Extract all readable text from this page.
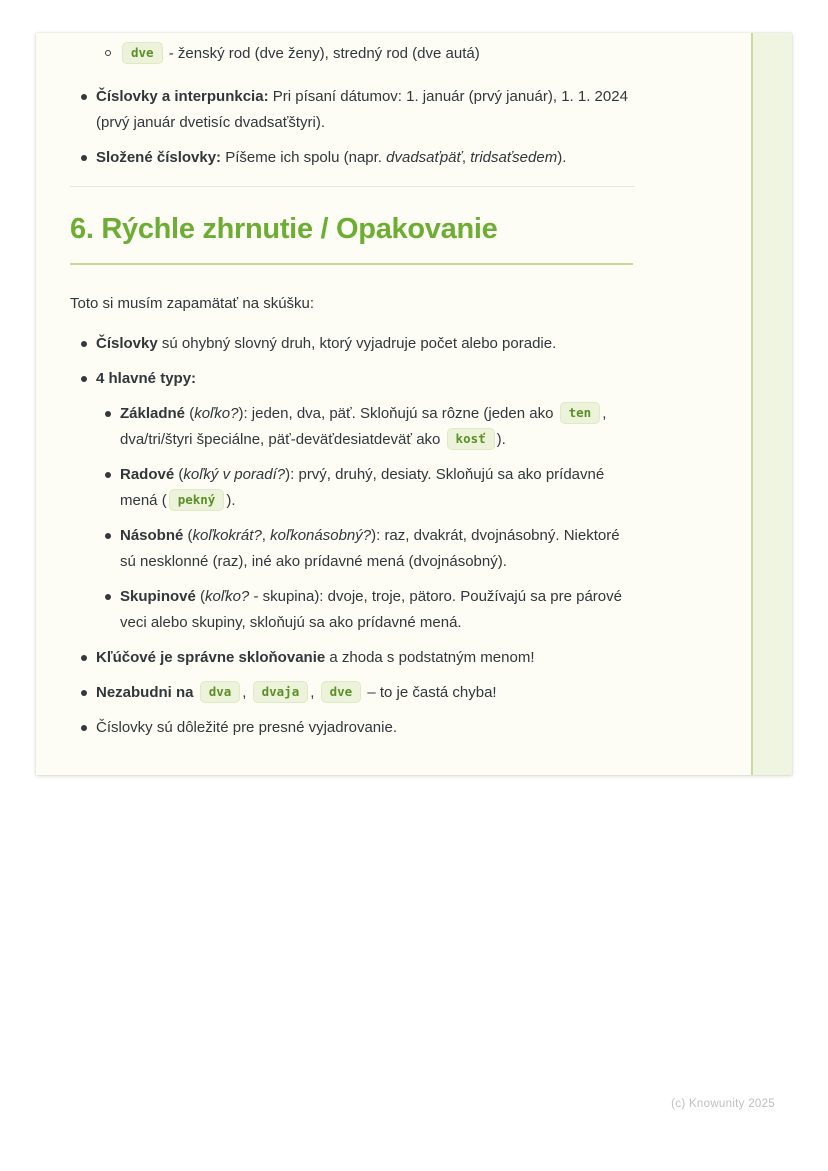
dve - ženský rod (dve ženy), stredný rod (dve autá)
Číslovky a interpunkcia: Pri písaní dátumov: 1. január (prvý január), 1. 1. 2024 (prvý január dvetisíc dvadsaťštyri).
Složené číslovky: Píšeme ich spolu (napr. dvadsaťpäť, tridsaťsedem).
6. Rýchle zhrnutie / Opakovanie

Toto si musím zapamätať na skúšku:

Číslovky sú ohybný slovný druh, ktorý vyjadruje počet alebo poradie.
4 hlavné typy:
Základné (koľko?): jeden, dva, päť. Skloňujú sa rôzne (jeden ako ten , dva/tri/štyri špeciálne, päť-deväťdesiatdeväť ako kosť ).
Radové (koľký v poradí?): prvý, druhý, desiaty. Skloňujú sa ako prídavné mená ( pekný ).
Násobné (koľkokrát?, koľkonásobný?): raz, dvakrát, dvojnásobný. Niektoré sú nesklonné (raz), iné ako prídavné mená (dvojnásobný).
Skupinové (koľko? - skupina): dvoje, troje, pätoro. Používajú sa pre párové veci alebo skupiny, skloňujú sa ako prídavné mená.
Kľúčové je správne skloňovanie a zhoda s podstatným menom!
Nezabudni na dva , dvaja , dve – to je častá chyba!
Číslovky sú dôležité pre presné vyjadrovanie.
(c) Knowunity 2025
